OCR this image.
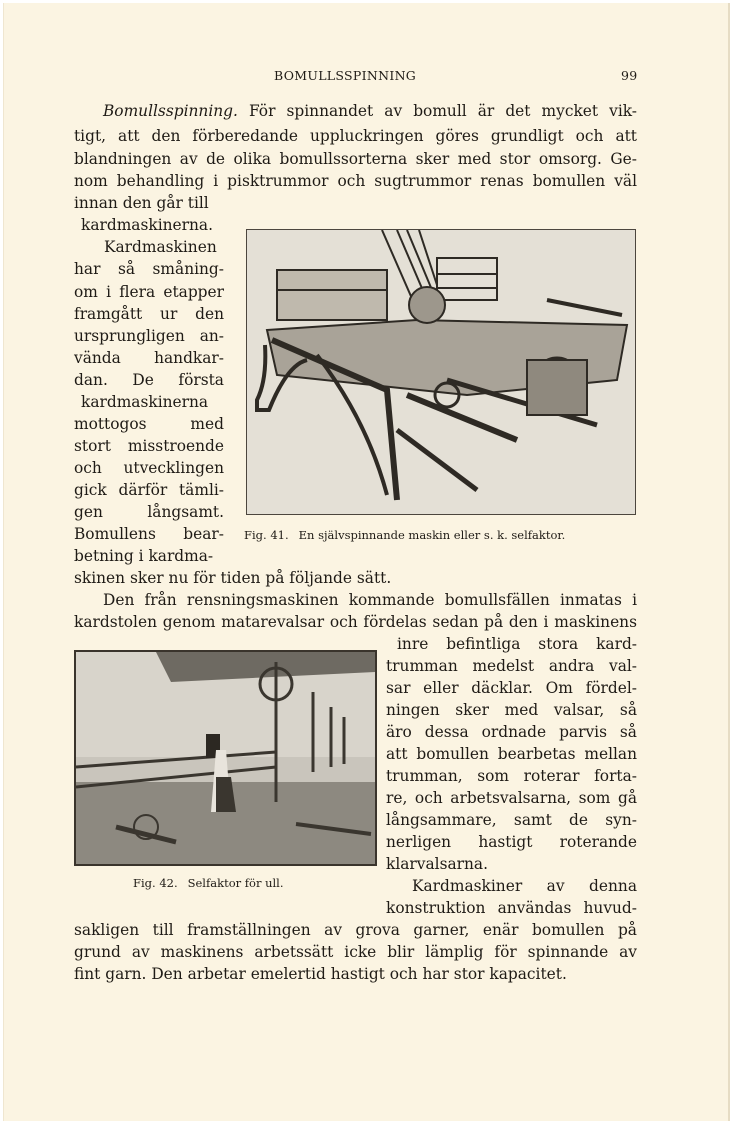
BOMULLSSPINNING	99
Bomullsspinning. För spinnandet av bomull är det mycket vik-
tigt, att den förberedande uppluckringen göres grundligt och att
blandningen av de olika bomullssorterna sker med stor omsorg. Ge-
nom behandling i pisktrummor och sugtrummor renas bomullen väl
innan den går till
kardmaskinerna.
Kardmaskinen
har så småning-
om i flera etapper
framgått ur den
ursprungligen an-
vända handkar-
dan. De första
kardmaskinerna
mottogos med
stort misstroende
och utvecklingen
gick därför tämli-
gen långsamt.
Bomullens bear-
betning i kardma-
Fig. 41. En självspinnande maskin eller s. k. selfaktor.
skinen sker nu för tiden på följande sätt.
Den från rensningsmaskinen kommande bomullsfällen inmatas i
kardstolen genom matarevalsar och fördelas sedan på den i maskinens
inre befintliga stora kard-
trumman medelst andra val-
sar eller däcklar. Om fördel-
ningen sker med valsar, så
äro dessa ordnade parvis så
att bomullen bearbetas mellan
trumman, som roterar forta-
re, och arbetsvalsarna, som gå
långsammare, samt de syn-
nerligen hastigt roterande
klarvalsarna.
Kardmaskiner av denna
konstruktion användas huvud-
Fig. 42. Selfaktor för ull.
sakligen till framställningen av grova garner, enär bomullen på
grund av maskinens arbetssätt icke blir lämplig för spinnande av
fint garn. Den arbetar emelertid hastigt och har stor kapacitet.
